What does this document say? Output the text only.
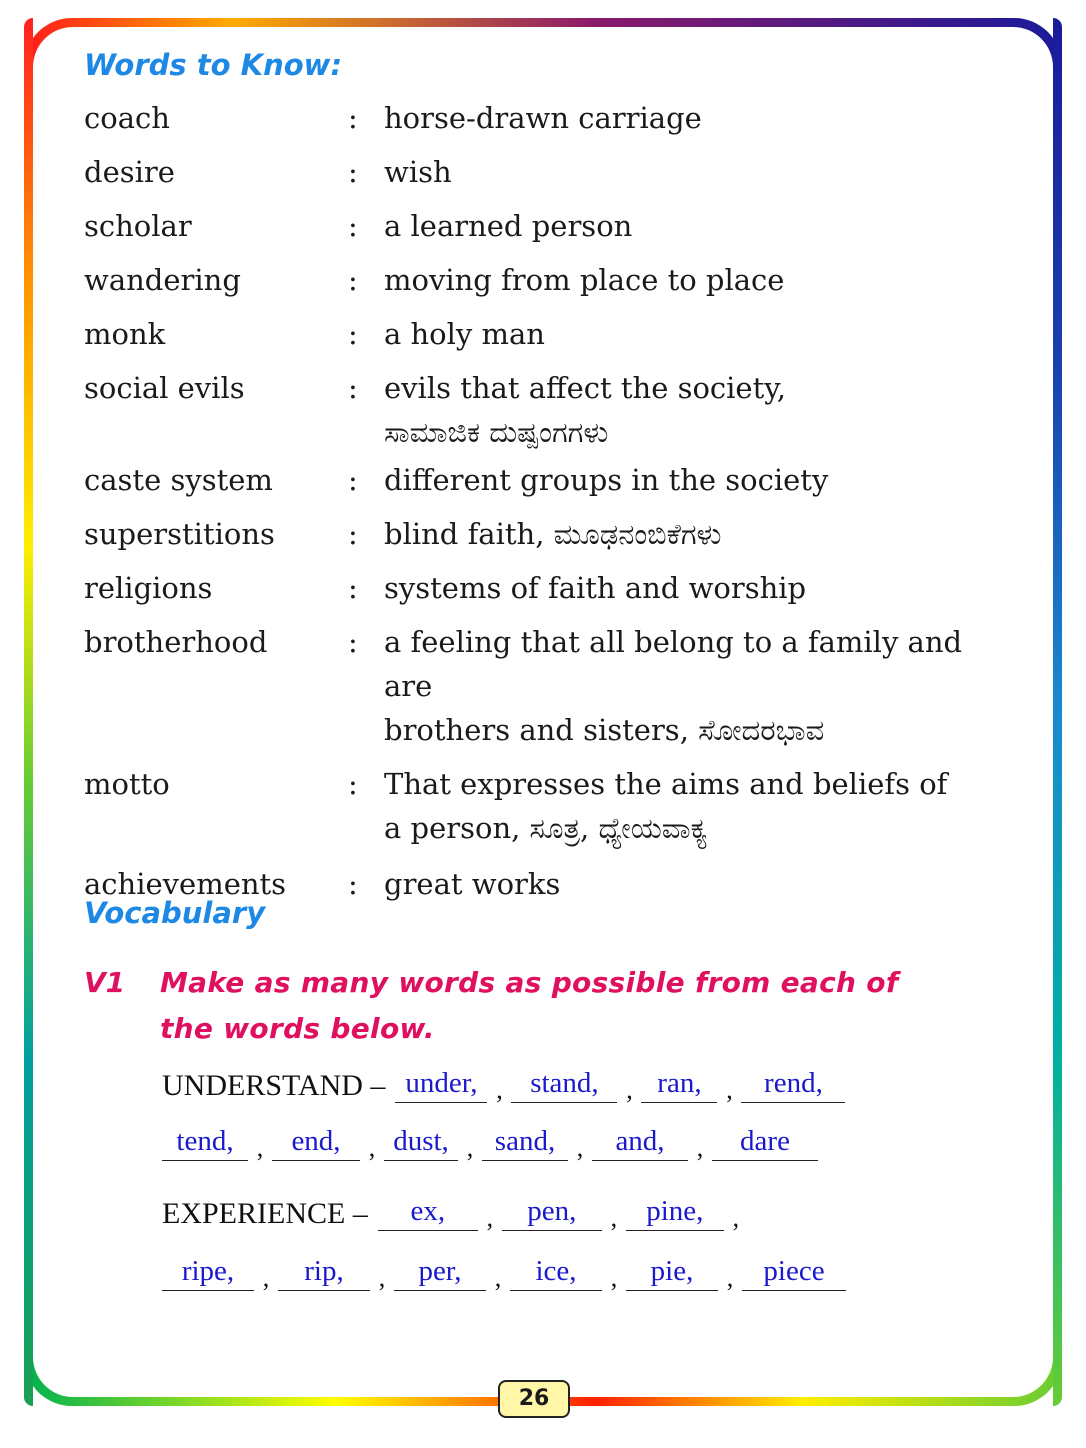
Words to Know:
coach	: horse-drawn carriage
desire	: wish
scholar	: a learned person
wandering	: moving from place to place
monk	: a holy man
social evils	: evils that affect the society,
ಸಾಮಾಜಿಕ ದುಷ್ಪಂಗಗಳು
caste system	: different groups in the society
superstitions	: blind faith, ಮೂಢನಂಬಿಕೆಗಳು
religions	: systems of faith and worship
brotherhood	: a feeling that all belong to a family and are
brothers and sisters, ಸೋದರಭಾವ
motto	: That expresses the aims and beliefs of
a person, ಸೂತ್ರ, ಧ್ಯೇಯವಾಕ್ಯ
achievements : great works
Vocabulary
V1 Make as many words as possible from each of
the words below.
UNDERSTAND – under, , stand,	, ran, ,	rend,
tend, , end,	, dust, , sand, ,	and,	,	dare
EXPERIENCE –	ex,	,	pen,	,	pine,	,
ripe,	,	rip,	,	per,	,	ice,	,	pie,	,	piece
26
